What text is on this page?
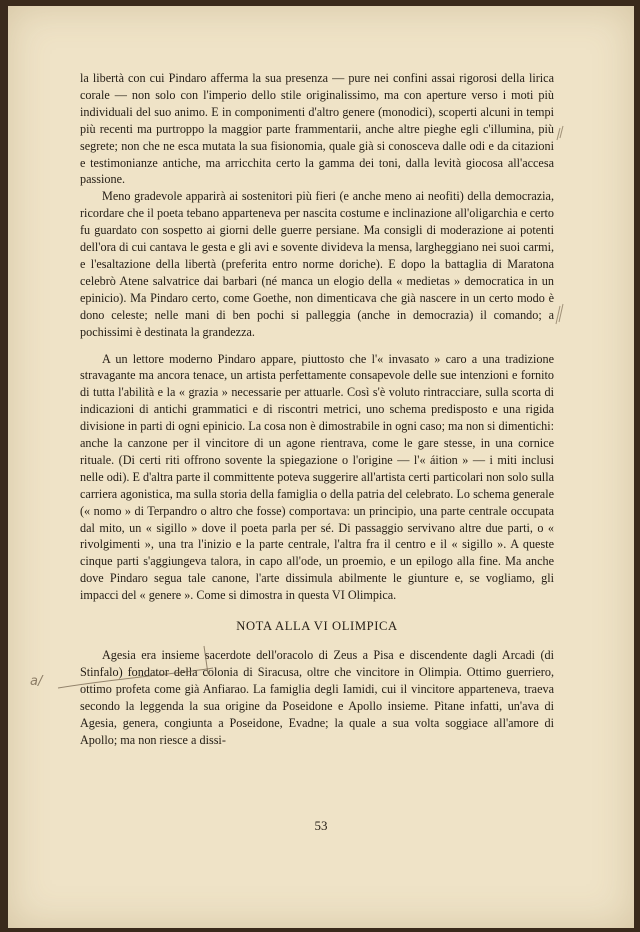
la libertà con cui Pindaro afferma la sua presenza — pure nei confini assai rigorosi della lirica corale — non solo con l'imperio dello stile originalissimo, ma con aperture verso i moti più individuali del suo animo. E in componimenti d'altro genere (monodici), scoperti alcuni in tempi più recenti ma purtroppo la maggior parte frammentarii, anche altre pieghe egli c'illumina, più segrete; non che ne esca mutata la sua fisionomia, quale già si conosceva dalle odi e da citazioni e testimonianze antiche, ma arricchita certo la gamma dei toni, dalla levità giocosa all'accesa passione.

Meno gradevole apparirà ai sostenitori più fieri (e anche meno ai neofiti) della democrazia, ricordare che il poeta tebano apparteneva per nascita costume e inclinazione all'oligarchia e certo fu guardato con sospetto ai giorni delle guerre persiane. Ma consigli di moderazione ai potenti dell'ora di cui cantava le gesta e gli avi e sovente divideva la mensa, largheggiano nei suoi carmi, e l'esaltazione della libertà (preferita entro norme doriche). E dopo la battaglia di Maratona celebrò Atene salvatrice dai barbari (né manca un elogio della « medietas » democratica in un epinicio). Ma Pindaro certo, come Goethe, non dimenticava che già nascere in un certo modo è dono celeste; nelle mani di ben pochi si palleggia (anche in democrazia) il comando; a pochissimi è destinata la grandezza.

A un lettore moderno Pindaro appare, piuttosto che l'« invasato » caro a una tradizione stravagante ma ancora tenace, un artista perfettamente consapevole delle sue intenzioni e fornito di tutta l'abilità e la « grazia » necessarie per attuarle. Così s'è voluto rintracciare, sulla scorta di indicazioni di antichi grammatici e di riscontri metrici, uno schema predisposto e una rigida divisione in parti di ogni epinicio. La cosa non è dimostrabile in ogni caso; ma non si dimentichi: anche la canzone per il vincitore di un agone rientrava, come le gare stesse, in una cornice rituale. (Di certi riti offrono sovente la spiegazione o l'origine — l'« áition » — i miti inclusi nelle odi). E d'altra parte il committente poteva suggerire all'artista certi particolari non solo sulla carriera agonistica, ma sulla storia della famiglia o della patria del celebrato. Lo schema generale (« nomo » di Terpandro o altro che fosse) comportava: un principio, una parte centrale occupata dal mito, un « sigillo » dove il poeta parla per sé. Di passaggio servivano altre due parti, o « rivolgimenti », una tra l'inizio e la parte centrale, l'altra fra il centro e il « sigillo ». A queste cinque parti s'aggiungeva talora, in capo all'ode, un proemio, e un epilogo alla fine. Ma anche dove Pindaro segua tale canone, l'arte dissimula abilmente le giunture e, se vogliamo, gli impacci del « genere ». Come si dimostra in questa VI Olimpica.

NOTA ALLA VI OLIMPICA

Agesia era insieme sacerdote dell'oracolo di Zeus a Pisa e discendente dagli Arcadi (di Stinfalo) fondator della colonia di Siracusa, oltre che vincitore in Olimpia. Ottimo guerriero, ottimo profeta come già Anfiarao. La famiglia degli Iamidi, cui il vincitore apparteneva, traeva secondo la leggenda la sua origine da Poseidone e Apollo insieme. Pìtane infatti, un'ava di Agesia, genera, congiunta a Poseidone, Evadne; la quale a sua volta soggiace all'amore di Apollo; ma non riesce a dissi-

53
a/
